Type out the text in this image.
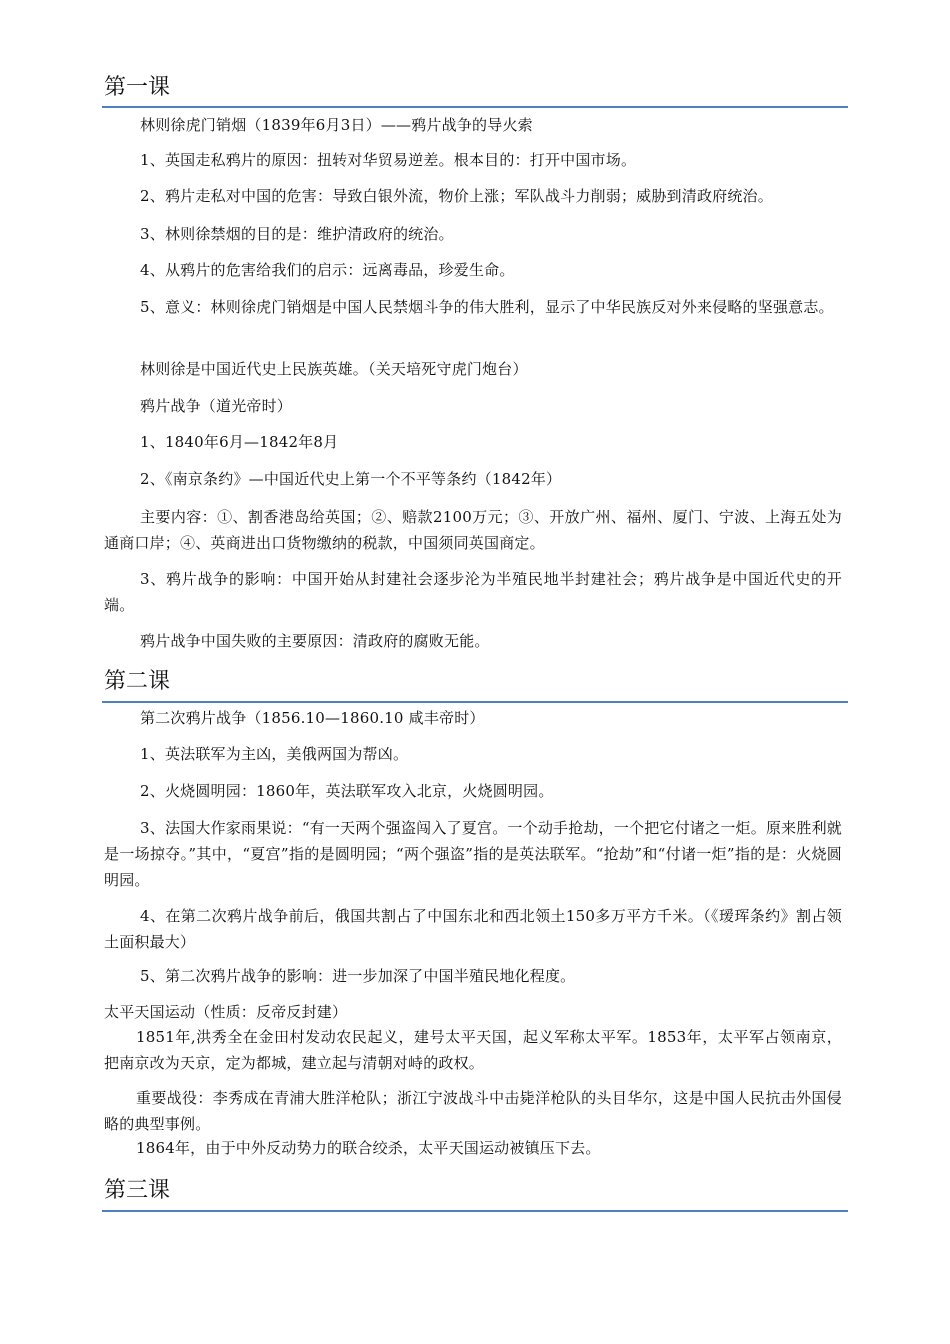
第一课
林则徐虎门销烟（1839年6月3日）——鸦片战争的导火索
1、英国走私鸦片的原因：扭转对华贸易逆差。根本目的：打开中国市场。
2、鸦片走私对中国的危害：导致白银外流，物价上涨；军队战斗力削弱；威胁到清政府统治。
3、林则徐禁烟的目的是：维护清政府的统治。
4、从鸦片的危害给我们的启示：远离毒品，珍爱生命。
5、意义：林则徐虎门销烟是中国人民禁烟斗争的伟大胜利，显示了中华民族反对外来侵略的坚强意志。
林则徐是中国近代史上民族英雄。（关天培死守虎门炮台）
鸦片战争（道光帝时）
1、1840年6月—1842年8月
2、《南京条约》—中国近代史上第一个不平等条约（1842年）
主要内容：①、割香港岛给英国；②、赔款2100万元；③、开放广州、福州、厦门、宁波、上海五处为通商口岸；④、英商进出口货物缴纳的税款，中国须同英国商定。
3、鸦片战争的影响：中国开始从封建社会逐步沦为半殖民地半封建社会；鸦片战争是中国近代史的开端。
鸦片战争中国失败的主要原因：清政府的腐败无能。
第二课
第二次鸦片战争（1856.10—1860.10 咸丰帝时）
1、英法联军为主凶，美俄两国为帮凶。
2、火烧圆明园：1860年，英法联军攻入北京，火烧圆明园。
3、法国大作家雨果说：“有一天两个强盗闯入了夏宫。一个动手抢劫，一个把它付诸之一炬。原来胜利就是一场掠夺。”其中，“夏宫”指的是圆明园；“两个强盗”指的是英法联军。“抢劫”和“付诸一炬”指的是：火烧圆明园。
4、在第二次鸦片战争前后，俄国共割占了中国东北和西北领土150多万平方千米。（《瑷珲条约》割占领土面积最大）
5、第二次鸦片战争的影响：进一步加深了中国半殖民地化程度。
太平天国运动（性质：反帝反封建）
1851年,洪秀全在金田村发动农民起义，建号太平天国，起义军称太平军。1853年，太平军占领南京，把南京改为天京，定为都城，建立起与清朝对峙的政权。
重要战役：李秀成在青浦大胜洋枪队；浙江宁波战斗中击毙洋枪队的头目华尔，这是中国人民抗击外国侵略的典型事例。
1864年，由于中外反动势力的联合绞杀，太平天国运动被镇压下去。
第三课
